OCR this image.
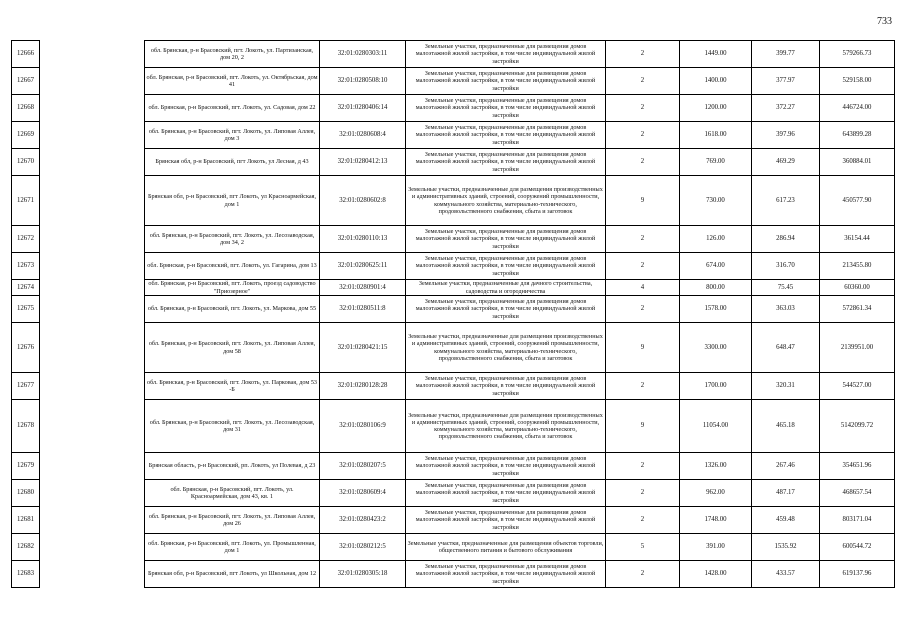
733
12666		обл. Брянская, р-н Брасовский, пгт. Локоть, ул. Партизанская, дом 20, 2	32:01:0280303:11	Земельные участки, предназначенные для размещения домов малоэтажной жилой застройки, в том числе индивидуальной жилой застройки	2	1449.00	399.77	579266.73
12667		обл. Брянская, р-н Брасовский, пгт. Локоть, ул. Октябрьская, дом 41	32:01:0280508:10	Земельные участки, предназначенные для размещения домов малоэтажной жилой застройки, в том числе индивидуальной жилой застройки	2	1400.00	377.97	529158.00
12668		обл. Брянская, р-н Брасовский, пгт. Локоть, ул. Садовая, дом 22	32:01:0280406:14	Земельные участки, предназначенные для размещения домов малоэтажной жилой застройки, в том числе индивидуальной жилой застройки	2	1200.00	372.27	446724.00
12669		обл. Брянская, р-н Брасовский, пгт. Локоть, ул. Липовая Аллея, дом 3	32:01:0280608:4	Земельные участки, предназначенные для размещения домов малоэтажной жилой застройки, в том числе индивидуальной жилой застройки	2	1618.00	397.96	643899.28
12670		Брянская обл, р-н Брасовский, пгт Локоть, ул Лесная, д 43	32:01:0280412:13	Земельные участки, предназначенные для размещения домов малоэтажной жилой застройки, в том числе индивидуальной жилой застройки	2	769.00	469.29	360884.01
12671		Брянская обл, р-н Брасовский, пгт Локоть, ул Красноармейская, дом 1	32:01:0280602:8	Земельные участки, предназначенные для размещения производственных и административных зданий, строений, сооружений промышленности, коммунального хозяйства, материально-технического, продовольственного снабжения, сбыта и заготовок	9	730.00	617.23	450577.90
12672		обл. Брянская, р-н Брасовский, пгт. Локоть, ул. Лесозаводская, дом 34, 2	32:01:0280110:13	Земельные участки, предназначенные для размещения домов малоэтажной жилой застройки, в том числе индивидуальной жилой застройки	2	126.00	286.94	36154.44
12673		обл. Брянская, р-н Брасовский, пгт. Локоть, ул. Гагарина, дом 13	32:01:0280625:11	Земельные участки, предназначенные для размещения домов малоэтажной жилой застройки, в том числе индивидуальной жилой застройки	2	674.00	316.70	213455.80
12674		обл. Брянская, р-н Брасовский, пгт. Локоть, проезд садоводство "Приозерное"	32:01:0280901:4	Земельные участки, предназначенные для дачного строительства, садоводства и огородничества	4	800.00	75.45	60360.00
12675		обл. Брянская, р-н Брасовский, пгт. Локоть, ул. Маркова, дом 55	32:01:0280511:8	Земельные участки, предназначенные для размещения домов малоэтажной жилой застройки, в том числе индивидуальной жилой застройки	2	1578.00	363.03	572861.34
12676		обл. Брянская, р-н Брасовский, пгт. Локоть, ул. Липовая Аллея, дом 58	32:01:0280421:15	Земельные участки, предназначенные для размещения производственных и административных зданий, строений, сооружений промышленности, коммунального хозяйства, материально-технического, продовольственного снабжения, сбыта и заготовок	9	3300.00	648.47	2139951.00
12677		обл. Брянская, р-н Брасовский, пгт. Локоть, ул. Парковая, дом 53 -Б	32:01:0280128:28	Земельные участки, предназначенные для размещения домов малоэтажной жилой застройки, в том числе индивидуальной жилой застройки	2	1700.00	320.31	544527.00
12678		обл. Брянская, р-н Брасовский, пгт. Локоть, ул. Лесозаводская, дом 31	32:01:0280106:9	Земельные участки, предназначенные для размещения производственных и административных зданий, строений, сооружений промышленности, коммунального хозяйства, материально-технического, продовольственного снабжения, сбыта и заготовок	9	11054.00	465.18	5142099.72
12679		Брянская область, р-н Брасовский, рп. Локоть, ул Полевая, д 23	32:01:0280207:5	Земельные участки, предназначенные для размещения домов малоэтажной жилой застройки, в том числе индивидуальной жилой застройки	2	1326.00	267.46	354651.96
12680		обл. Брянская, р-н Брасовский, пгт. Локоть, ул. Красноармейская, дом 43, кв. 1	32:01:0280609:4	Земельные участки, предназначенные для размещения домов малоэтажной жилой застройки, в том числе индивидуальной жилой застройки	2	962.00	487.17	468657.54
12681		обл. Брянская, р-н Брасовский, пгт. Локоть, ул. Липовая Аллея, дом 26	32:01:0280423:2	Земельные участки, предназначенные для размещения домов малоэтажной жилой застройки, в том числе индивидуальной жилой застройки	2	1748.00	459.48	803171.04
12682		обл. Брянская, р-н Брасовский, пгт. Локоть, ул. Промышленная, дом 1	32:01:0280212:5	Земельные участки, предназначенные для размещения объектов торговли, общественного питания и бытового обслуживания	5	391.00	1535.92	600544.72
12683		Брянская обл, р-н Брасовский, пгт Локоть, ул Школьная, дом 12	32:01:0280305:18	Земельные участки, предназначенные для размещения домов малоэтажной жилой застройки, в том числе индивидуальной жилой застройки	2	1428.00	433.57	619137.96
